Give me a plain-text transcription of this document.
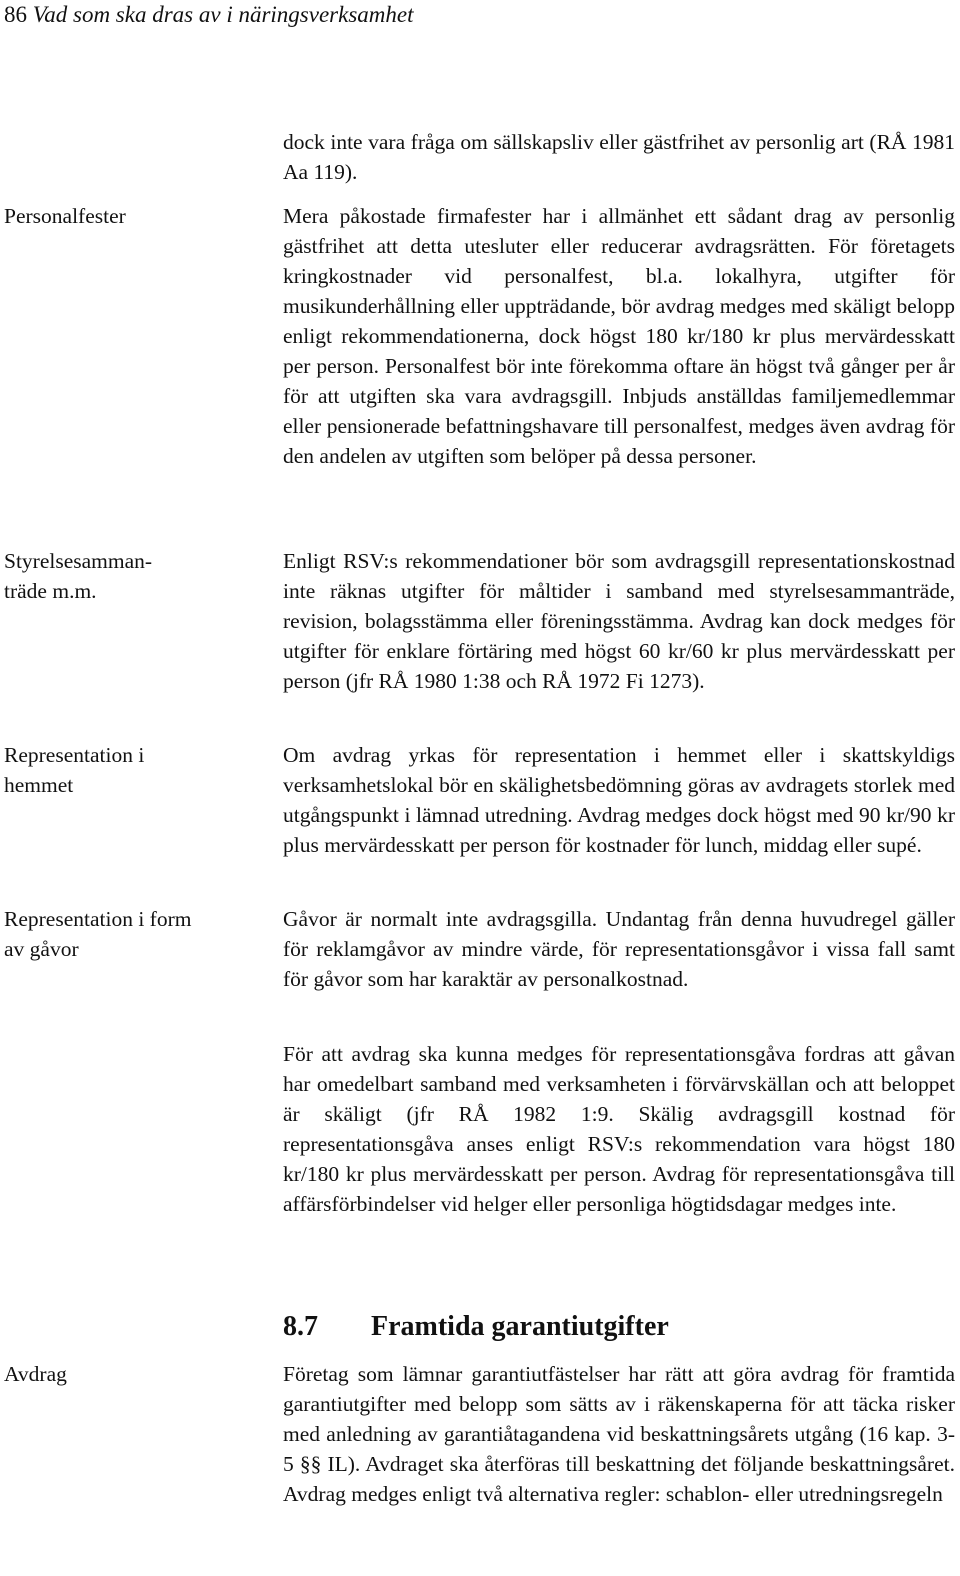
86 Vad som ska dras av i näringsverksamhet
Personalfester
Styrelsesamman-träde m.m.
Representation i hemmet
Representation i form av gåvor
Avdrag

dock inte vara fråga om sällskapsliv eller gästfrihet av personlig art (RÅ 1981 Aa 119).

Mera påkostade firmafester har i allmänhet ett sådant drag av personlig gästfrihet att detta utesluter eller reducerar avdragsrätten. För företagets kringkostnader vid personalfest, bl.a. lokalhyra, utgifter för musikunderhållning eller uppträdande, bör avdrag medges med skäligt belopp enligt rekommendationerna, dock högst 180 kr/180 kr plus mervärdesskatt per person. Personalfest bör inte förekomma oftare än högst två gånger per år för att utgiften ska vara avdragsgill. Inbjuds anställdas familjemedlemmar eller pensionerade befattningshavare till personalfest, medges även avdrag för den andelen av utgiften som belöper på dessa personer.

Enligt RSV:s rekommendationer bör som avdragsgill representationskostnad inte räknas utgifter för måltider i samband med styrelsesammanträde, revision, bolagsstämma eller föreningsstämma. Avdrag kan dock medges för utgifter för enklare förtäring med högst 60 kr/60 kr plus mervärdesskatt per person (jfr RÅ 1980 1:38 och RÅ 1972 Fi 1273).

Om avdrag yrkas för representation i hemmet eller i skattskyldigs verksamhetslokal bör en skälighetsbedömning göras av avdragets storlek med utgångspunkt i lämnad utredning. Avdrag medges dock högst med 90 kr/90 kr plus mervärdesskatt per person för kostnader för lunch, middag eller supé.

Gåvor är normalt inte avdragsgilla. Undantag från denna huvudregel gäller för reklamgåvor av mindre värde, för representationsgåvor i vissa fall samt för gåvor som har karaktär av personalkostnad.

För att avdrag ska kunna medges för representationsgåva fordras att gåvan har omedelbart samband med verksamheten i förvärvskällan och att beloppet är skäligt (jfr RÅ 1982 1:9. Skälig avdragsgill kostnad för representationsgåva anses enligt RSV:s rekommendation vara högst 180 kr/180 kr plus mervärdesskatt per person. Avdrag för representationsgåva till affärsförbindelser vid helger eller personliga högtidsdagar medges inte.

8.7 Framtida garantiutgifter

Företag som lämnar garantiutfästelser har rätt att göra avdrag för framtida garantiutgifter med belopp som sätts av i räkenskaperna för att täcka risker med anledning av garantiåtagandena vid beskattningsårets utgång (16 kap. 3-5 §§ IL). Avdraget ska återföras till beskattning det följande beskattningsåret. Avdrag medges enligt två alternativa regler: schablon- eller utredningsregeln
